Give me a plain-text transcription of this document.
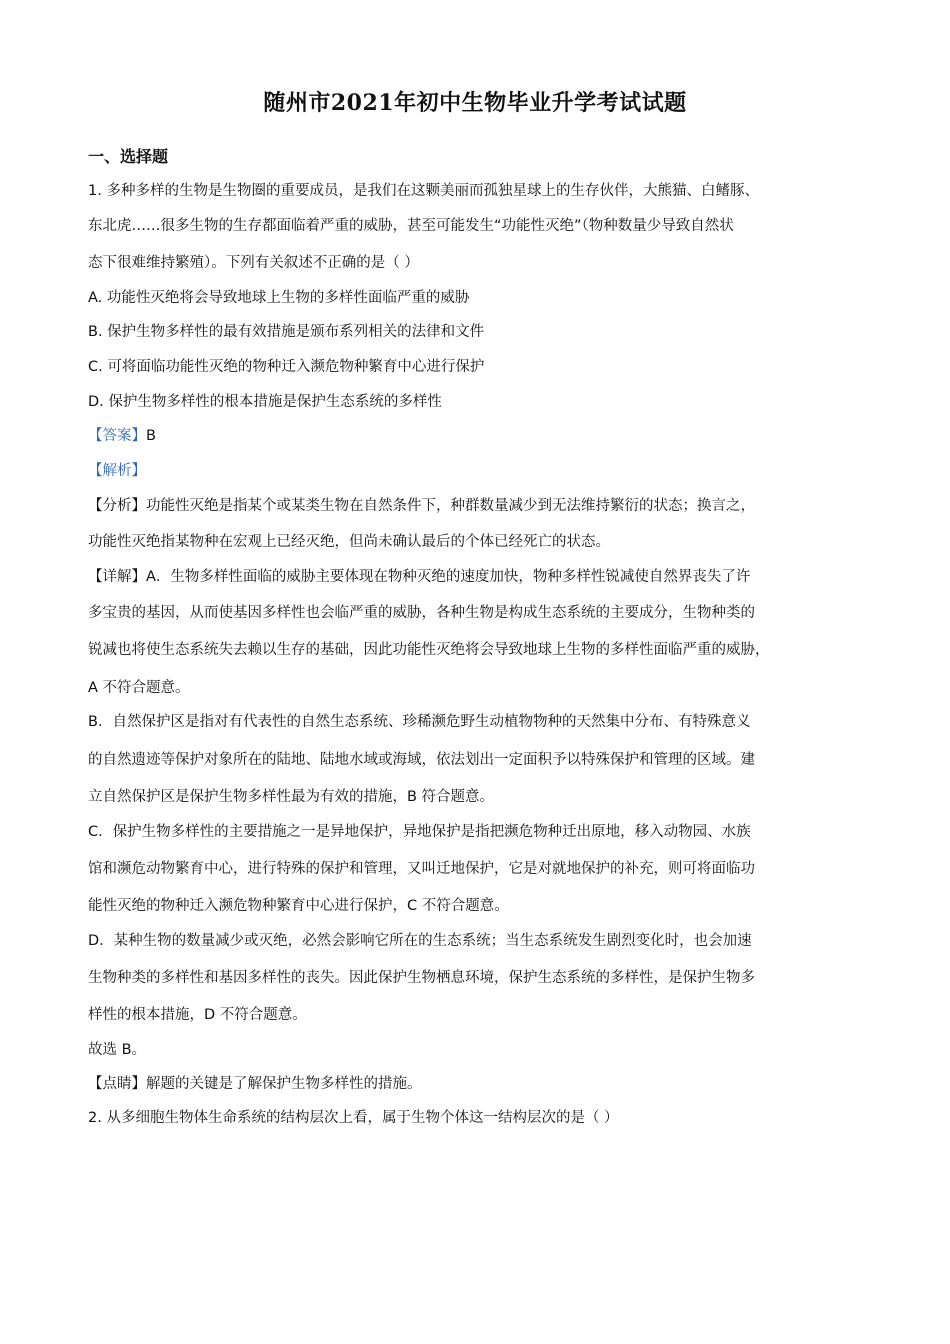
随州市2021年初中生物毕业升学考试试题
一、选择题
1. 多种多样的生物是生物圈的重要成员，是我们在这颗美丽而孤独星球上的生存伙伴，大熊猫、白鳍豚、
东北虎……很多生物的生存都面临着严重的威胁，甚至可能发生“功能性灭绝”（物种数量少导致自然状
态下很难维持繁殖）。下列有关叙述不正确的是（ ）
A. 功能性灭绝将会导致地球上生物的多样性面临严重的威胁
B. 保护生物多样性的最有效措施是颁布系列相关的法律和文件
C. 可将面临功能性灭绝的物种迁入濒危物种繁育中心进行保护
D. 保护生物多样性的根本措施是保护生态系统的多样性
【答案】B
【解析】
【分析】功能性灭绝是指某个或某类生物在自然条件下，种群数量减少到无法维持繁衍的状态；换言之，
功能性灭绝指某物种在宏观上已经灭绝，但尚未确认最后的个体已经死亡的状态。
【详解】A．生物多样性面临的威胁主要体现在物种灭绝的速度加快，物种多样性锐减使自然界丧失了许
多宝贵的基因，从而使基因多样性也会临严重的威胁，各种生物是构成生态系统的主要成分，生物种类的
锐减也将使生态系统失去赖以生存的基础，因此功能性灭绝将会导致地球上生物的多样性面临严重的威胁，
A 不符合题意。
B．自然保护区是指对有代表性的自然生态系统、珍稀濒危野生动植物物种的天然集中分布、有特殊意义
的自然遗迹等保护对象所在的陆地、陆地水域或海域，依法划出一定面积予以特殊保护和管理的区域。建
立自然保护区是保护生物多样性最为有效的措施，B 符合题意。
C．保护生物多样性的主要措施之一是异地保护，异地保护是指把濒危物种迁出原地，移入动物园、水族
馆和濒危动物繁育中心，进行特殊的保护和管理，又叫迁地保护，它是对就地保护的补充，则可将面临功
能性灭绝的物种迁入濒危物种繁育中心进行保护，C 不符合题意。
D．某种生物的数量减少或灭绝，必然会影响它所在的生态系统；当生态系统发生剧烈变化时，也会加速
生物种类的多样性和基因多样性的丧失。因此保护生物栖息环境，保护生态系统的多样性，是保护生物多
样性的根本措施，D 不符合题意。
故选 B。
【点睛】解题的关键是了解保护生物多样性的措施。
2. 从多细胞生物体生命系统的结构层次上看，属于生物个体这一结构层次的是（ ）
